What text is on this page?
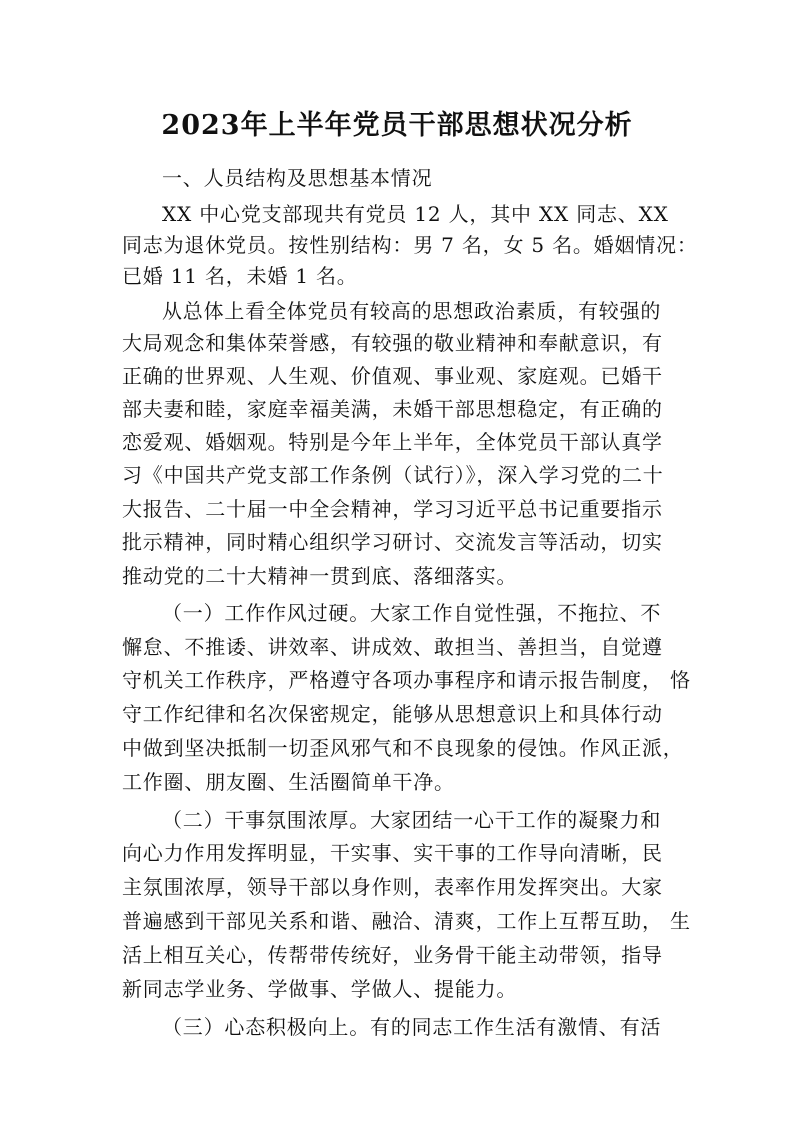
2023年上半年党员干部思想状况分析
一、人员结构及思想基本情况
XX 中心党支部现共有党员 12 人，其中 XX 同志、XX
同志为退休党员。按性别结构：男 7 名，女 5 名。婚姻情况：
已婚 11 名，未婚 1 名。
从总体上看全体党员有较高的思想政治素质，有较强的
大局观念和集体荣誉感，有较强的敬业精神和奉献意识，有
正确的世界观、人生观、价值观、事业观、家庭观。已婚干
部夫妻和睦，家庭幸福美满，未婚干部思想稳定，有正确的
恋爱观、婚姻观。特别是今年上半年，全体党员干部认真学
习《中国共产党支部工作条例（试行）》，深入学习党的二十
大报告、二十届一中全会精神，学习习近平总书记重要指示
批示精神，同时精心组织学习研讨、交流发言等活动，切实
推动党的二十大精神一贯到底、落细落实。
（一）工作作风过硬。大家工作自觉性强，不拖拉、不
懈怠、不推诿、讲效率、讲成效、敢担当、善担当，自觉遵
守机关工作秩序，严格遵守各项办事程序和请示报告制度， 恪
守工作纪律和名次保密规定，能够从思想意识上和具体行动
中做到坚决抵制一切歪风邪气和不良现象的侵蚀。作风正派，
工作圈、朋友圈、生活圈简单干净。
（二）干事氛围浓厚。大家团结一心干工作的凝聚力和
向心力作用发挥明显，干实事、实干事的工作导向清晰，民
主氛围浓厚，领导干部以身作则，表率作用发挥突出。大家
普遍感到干部见关系和谐、融洽、清爽，工作上互帮互助， 生
活上相互关心，传帮带传统好，业务骨干能主动带领，指导
新同志学业务、学做事、学做人、提能力。
（三）心态积极向上。有的同志工作生活有激情、有活
